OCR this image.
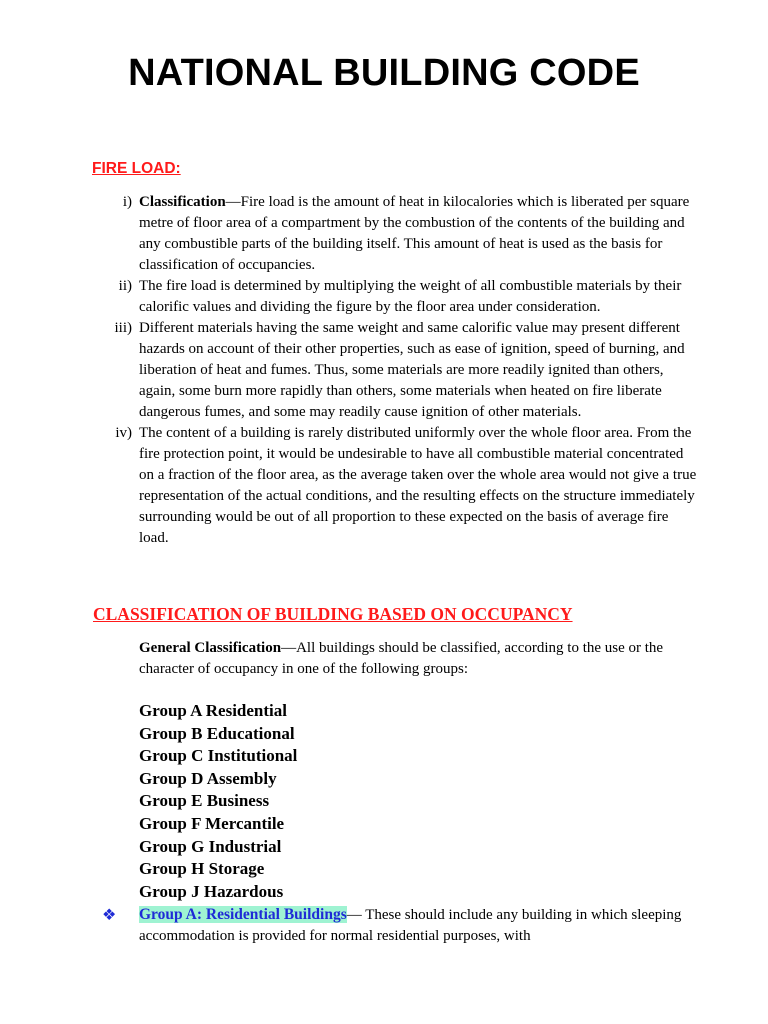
NATIONAL BUILDING CODE
FIRE LOAD:
i) Classification—Fire load is the amount of heat in kilocalories which is liberated per square metre of floor area of a compartment by the combustion of the contents of the building and any combustible parts of the building itself. This amount of heat is used as the basis for classification of occupancies.
ii) The fire load is determined by multiplying the weight of all combustible materials by their calorific values and dividing the figure by the floor area under consideration.
iii) Different materials having the same weight and same calorific value may present different hazards on account of their other properties, such as ease of ignition, speed of burning, and liberation of heat and fumes. Thus, some materials are more readily ignited than others, again, some burn more rapidly than others, some materials when heated on fire liberate dangerous fumes, and some may readily cause ignition of other materials.
iv) The content of a building is rarely distributed uniformly over the whole floor area. From the fire protection point, it would be undesirable to have all combustible material concentrated on a fraction of the floor area, as the average taken over the whole area would not give a true representation of the actual conditions, and the resulting effects on the structure immediately surrounding would be out of all proportion to these expected on the basis of average fire load.
CLASSIFICATION OF BUILDING BASED ON OCCUPANCY
General Classification—All buildings should be classified, according to the use or the character of occupancy in one of the following groups:
Group A Residential
Group B Educational
Group C Institutional
Group D Assembly
Group E Business
Group F Mercantile
Group G Industrial
Group H Storage
Group J Hazardous
❖ Group A: Residential Buildings— These should include any building in which sleeping accommodation is provided for normal residential purposes, with
